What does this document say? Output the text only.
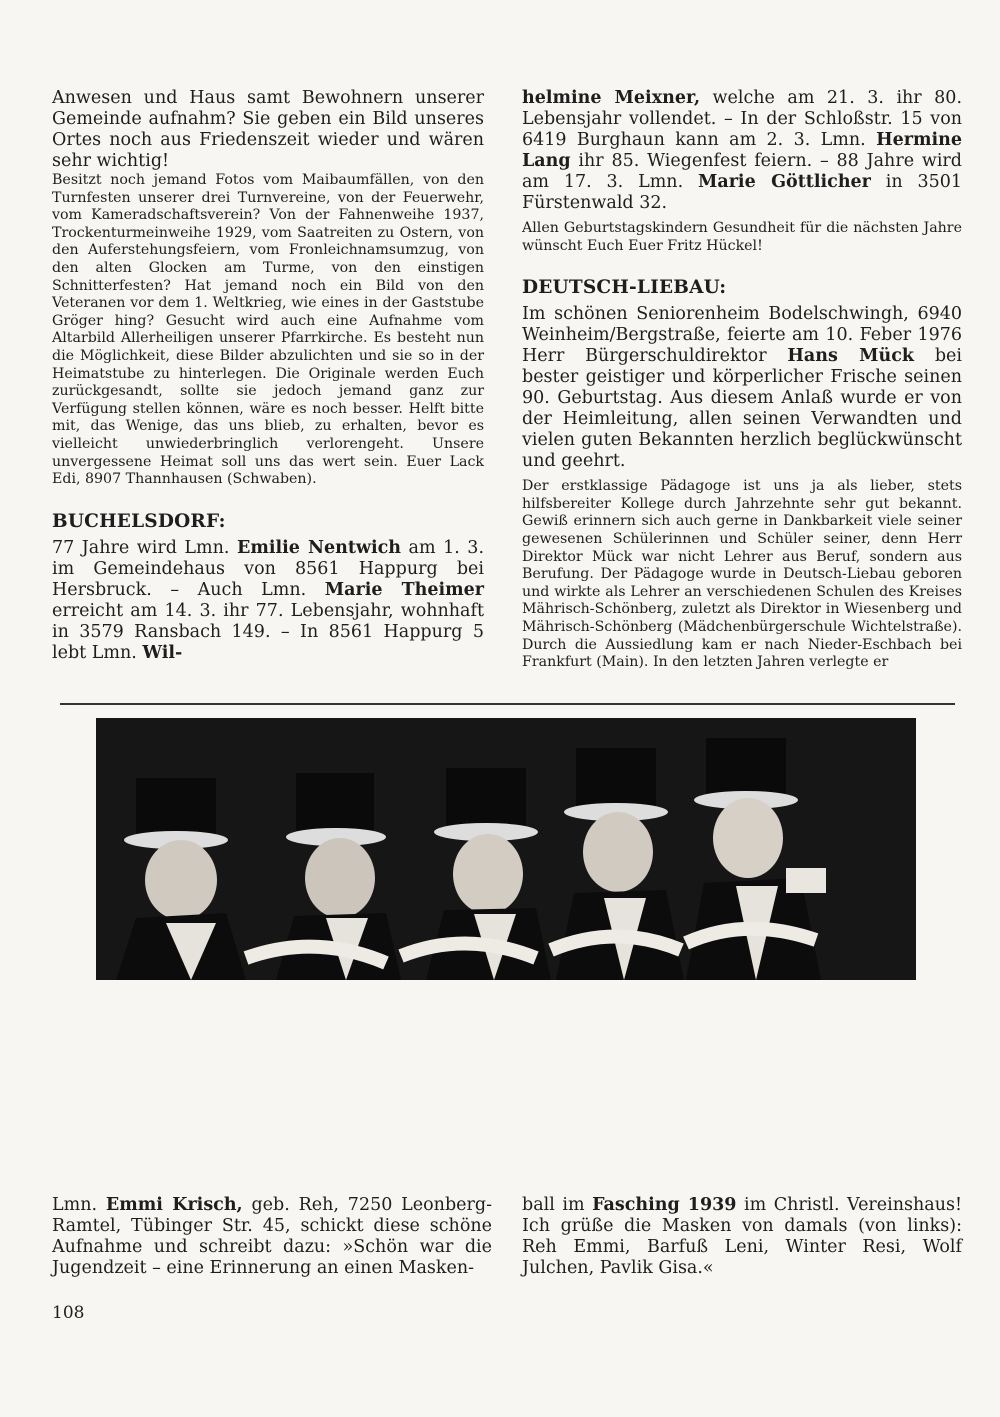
Anwesen und Haus samt Bewohnern unserer Gemeinde aufnahm? Sie geben ein Bild unseres Ortes noch aus Friedenszeit wieder und wären sehr wichtig!

Besitzt noch jemand Fotos vom Maibaumfällen, von den Turnfesten unserer drei Turnvereine, von der Feuerwehr, vom Kameradschaftsverein? Von der Fahnenweihe 1937, Trockenturmeinweihe 1929, vom Saatreiten zu Ostern, von den Auferstehungsfeiern, vom Fronleichnamsumzug, von den alten Glocken am Turme, von den einstigen Schnitterfesten? Hat jemand noch ein Bild von den Veteranen vor dem 1. Weltkrieg, wie eines in der Gaststube Gröger hing? Gesucht wird auch eine Aufnahme vom Altarbild Allerheiligen unserer Pfarrkirche. Es besteht nun die Möglichkeit, diese Bilder abzulichten und sie so in der Heimatstube zu hinterlegen. Die Originale werden Euch zurückgesandt, sollte sie jedoch jemand ganz zur Verfügung stellen können, wäre es noch besser. Helft bitte mit, das Wenige, das uns blieb, zu erhalten, bevor es vielleicht unwiederbringlich verlorengeht. Unsere unvergessene Heimat soll uns das wert sein. Euer Lack Edi, 8907 Thannhausen (Schwaben).

BUCHELSDORF:

77 Jahre wird Lmn. Emilie Nentwich am 1. 3. im Gemeindehaus von 8561 Happurg bei Hersbruck. – Auch Lmn. Marie Theimer erreicht am 14. 3. ihr 77. Lebensjahr, wohnhaft in 3579 Ransbach 149. – In 8561 Happurg 5 lebt Lmn. Wil-

helmine Meixner, welche am 21. 3. ihr 80. Lebensjahr vollendet. – In der Schloßstr. 15 von 6419 Burghaun kann am 2. 3. Lmn. Hermine Lang ihr 85. Wiegenfest feiern. – 88 Jahre wird am 17. 3. Lmn. Marie Göttlicher in 3501 Fürstenwald 32.

Allen Geburtstagskindern Gesundheit für die nächsten Jahre wünscht Euch Euer Fritz Hückel!

DEUTSCH-LIEBAU:

Im schönen Seniorenheim Bodelschwingh, 6940 Weinheim/Bergstraße, feierte am 10. Feber 1976 Herr Bürgerschuldirektor Hans Mück bei bester geistiger und körperlicher Frische seinen 90. Geburtstag. Aus diesem Anlaß wurde er von der Heimleitung, allen seinen Verwandten und vielen guten Bekannten herzlich beglückwünscht und geehrt.

Der erstklassige Pädagoge ist uns ja als lieber, stets hilfsbereiter Kollege durch Jahrzehnte sehr gut bekannt. Gewiß erinnern sich auch gerne in Dankbarkeit viele seiner gewesenen Schülerinnen und Schüler seiner, denn Herr Direktor Mück war nicht Lehrer aus Beruf, sondern aus Berufung. Der Pädagoge wurde in Deutsch-Liebau geboren und wirkte als Lehrer an verschiedenen Schulen des Kreises Mährisch-Schönberg, zuletzt als Direktor in Wiesenberg und Mährisch-Schönberg (Mädchenbürgerschule Wichtelstraße). Durch die Aussiedlung kam er nach Nieder-Eschbach bei Frankfurt (Main). In den letzten Jahren verlegte er

Lmn. Emmi Krisch, geb. Reh, 7250 Leonberg-Ramtel, Tübinger Str. 45, schickt diese schöne Aufnahme und schreibt dazu: »Schön war die Jugendzeit – eine Erinnerung an einen Masken-

ball im Fasching 1939 im Christl. Vereinshaus! Ich grüße die Masken von damals (von links): Reh Emmi, Barfuß Leni, Winter Resi, Wolf Julchen, Pavlik Gisa.«

108
